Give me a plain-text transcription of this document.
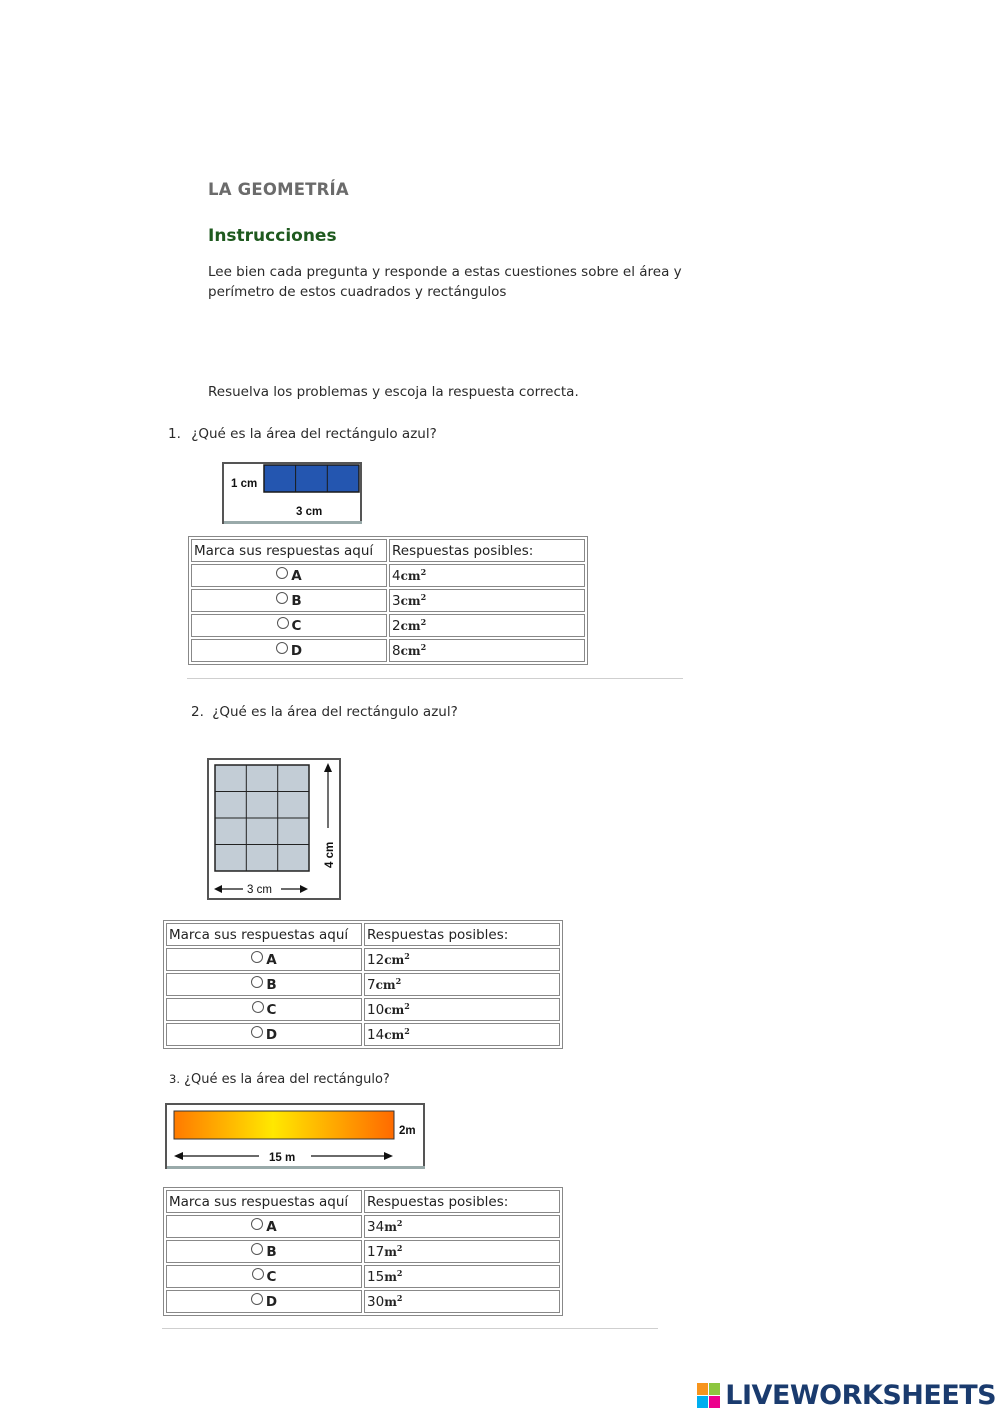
LA GEOMETRÍA
Instrucciones
Lee bien cada pregunta y responde a estas cuestiones sobre el área y
perímetro de estos cuadrados y rectángulos
Resuelva los problemas y escoja la respuesta correcta.
1. ¿Qué es la área del rectángulo azul?
1 cm
3 cm
Marca sus respuestas aquí	Respuestas posibles:
A	$4cm^2$
B	$3cm^2$
C	$2cm^2$
D	$8cm^2$
2. ¿Qué es la área del rectángulo azul?
4 cm
3 cm
Marca sus respuestas aquí	Respuestas posibles:
A	$12cm^2$
B	$7cm^2$
C	$10cm^2$
D	$14cm^2$
3. ¿Qué es la área del rectángulo?
2m
15 m
Marca sus respuestas aquí	Respuestas posibles:
A	$34m^2$
B	$17m^2$
C	$15m^2$
D	$30m^2$
LIVEWORKSHEETS
